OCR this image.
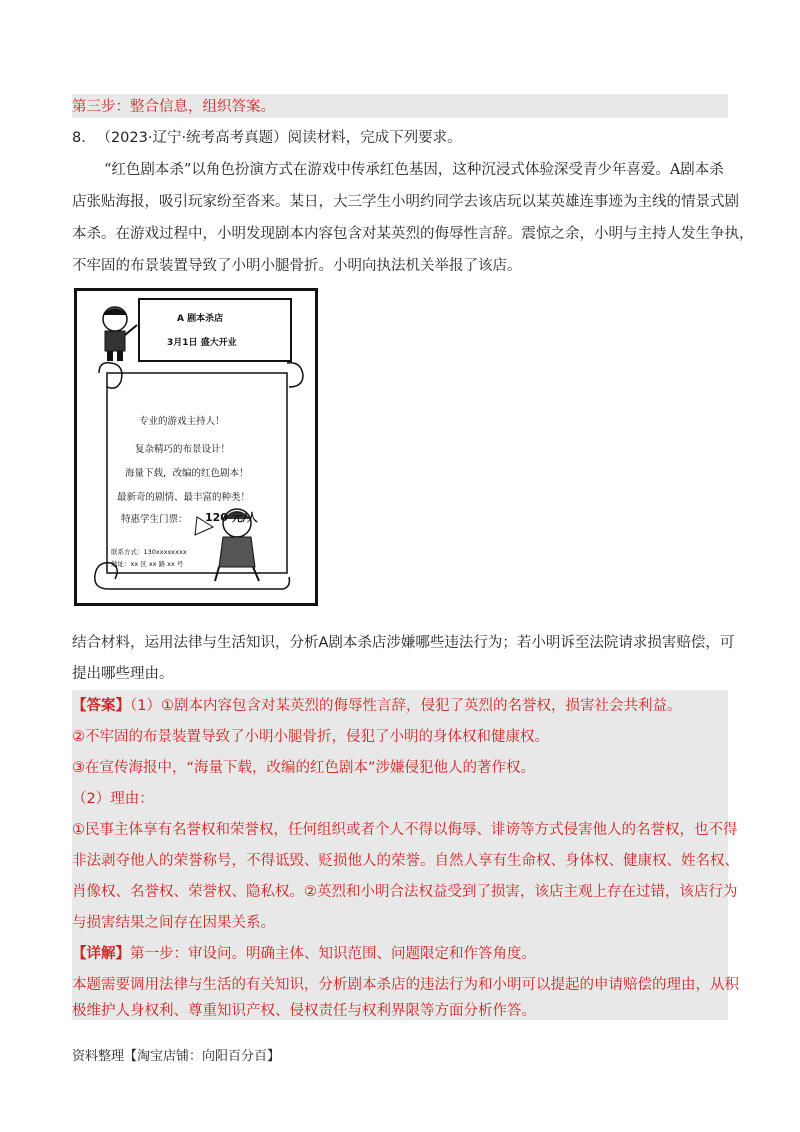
第三步：整合信息，组织答案。
8. （2023·辽宁·统考高考真题）阅读材料，完成下列要求。
“红色剧本杀”以角色扮演方式在游戏中传承红色基因，这种沉浸式体验深受青少年喜爱。A剧本杀
店张贴海报，吸引玩家纷至沓来。某日，大三学生小明约同学去该店玩以某英雄连事迹为主线的情景式剧
本杀。在游戏过程中，小明发现剧本内容包含对某英烈的侮辱性言辞。震惊之余，小明与主持人发生争执，
不牢固的布景装置导致了小明小腿骨折。小明向执法机关举报了该店。
A 剧本杀店
3月1日 盛大开业
专业的游戏主持人！
复杂精巧的布景设计！
海量下载，改编的红色剧本！
最新奇的剧情、最丰富的种类！
特惠学生门票： 120 元/人
联系方式：130xxxxxxxx
地址：xx 区 xx 路 xx 号
结合材料，运用法律与生活知识，分析A剧本杀店涉嫌哪些违法行为；若小明诉至法院请求损害赔偿，可
提出哪些理由。
【答案】（1）①剧本内容包含对某英烈的侮辱性言辞，侵犯了英烈的名誉权，损害社会共利益。
②不牢固的布景装置导致了小明小腿骨折，侵犯了小明的身体权和健康权。
③在宣传海报中，“海量下载，改编的红色剧本”涉嫌侵犯他人的著作权。
（2）理由：
①民事主体享有名誉权和荣誉权，任何组织或者个人不得以侮辱、诽谤等方式侵害他人的名誉权，也不得
非法剥夺他人的荣誉称号，不得诋毁、贬损他人的荣誉。自然人享有生命权、身体权、健康权、姓名权、
肖像权、名誉权、荣誉权、隐私权。②英烈和小明合法权益受到了损害，该店主观上存在过错，该店行为
与损害结果之间存在因果关系。
【详解】第一步：审设问。明确主体、知识范围、问题限定和作答角度。
本题需要调用法律与生活的有关知识，分析剧本杀店的违法行为和小明可以提起的申请赔偿的理由，从积
极维护人身权利、尊重知识产权、侵权责任与权利界限等方面分析作答。
资料整理【淘宝店铺：向阳百分百】
